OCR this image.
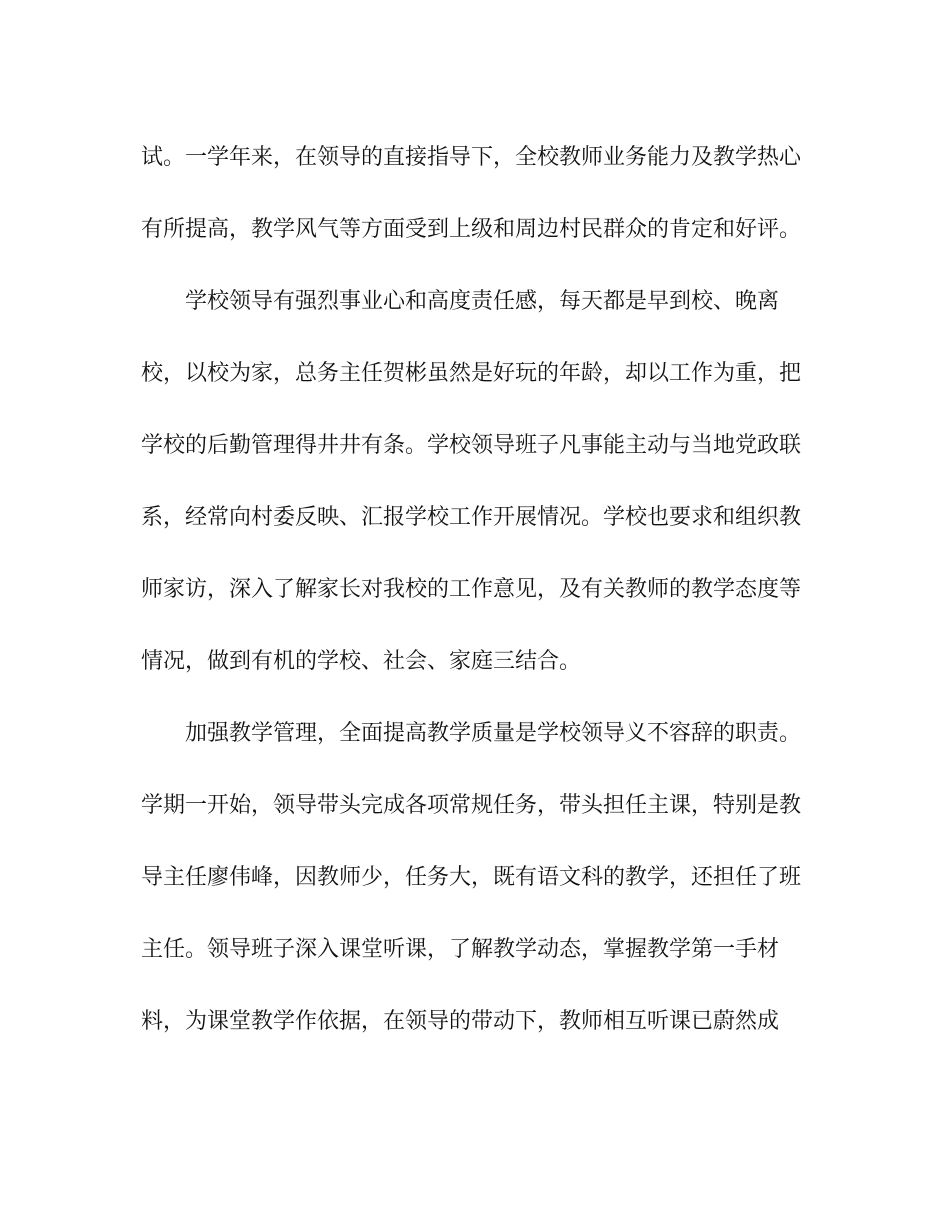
试。一学年来，在领导的直接指导下，全校教师业务能力及教学热心
有所提高，教学风气等方面受到上级和周边村民群众的肯定和好评。
学校领导有强烈事业心和高度责任感，每天都是早到校、晚离
校，以校为家，总务主任贺彬虽然是好玩的年龄，却以工作为重，把
学校的后勤管理得井井有条。学校领导班子凡事能主动与当地党政联
系，经常向村委反映、汇报学校工作开展情况。学校也要求和组织教
师家访，深入了解家长对我校的工作意见，及有关教师的教学态度等
情况，做到有机的学校、社会、家庭三结合。
加强教学管理，全面提高教学质量是学校领导义不容辞的职责。
学期一开始，领导带头完成各项常规任务，带头担任主课，特别是教
导主任廖伟峰，因教师少，任务大，既有语文科的教学，还担任了班
主任。领导班子深入课堂听课，了解教学动态，掌握教学第一手材
料，为课堂教学作依据，在领导的带动下，教师相互听课已蔚然成
